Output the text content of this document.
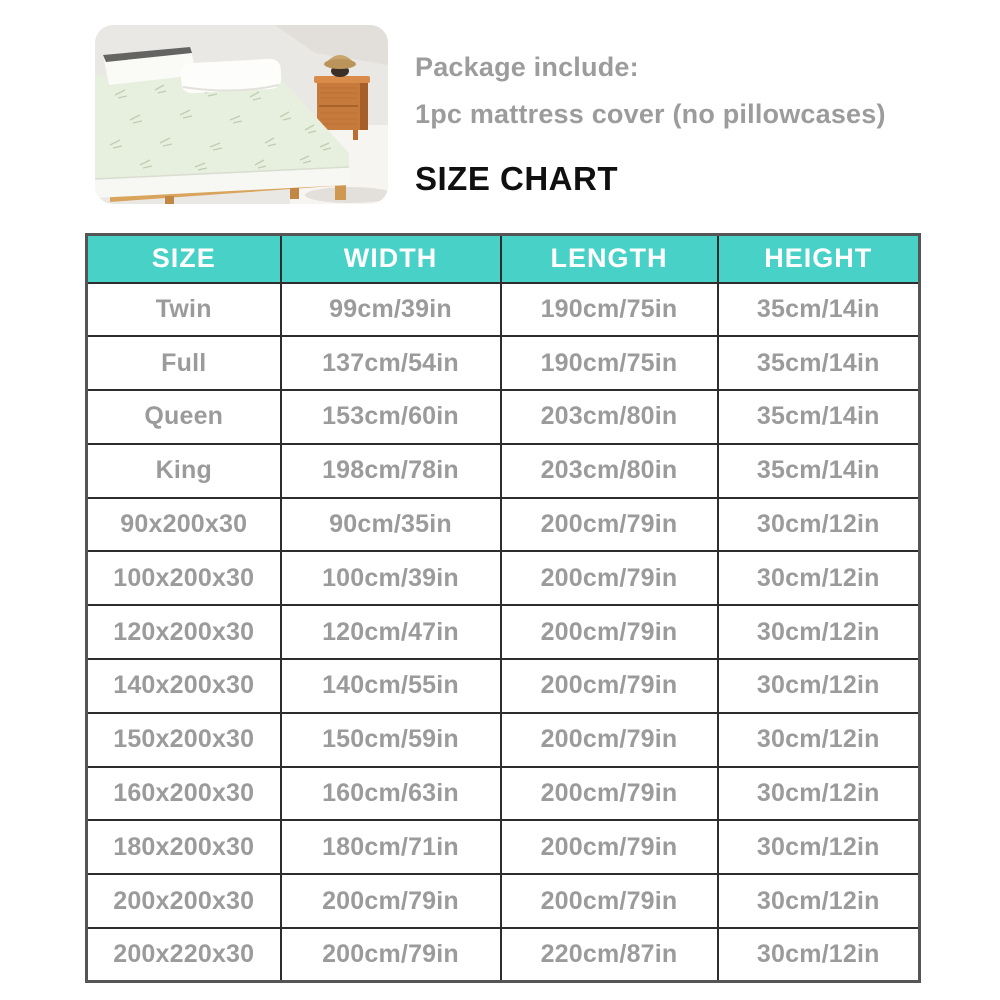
Package include:
1pc mattress cover (no pillowcases)
SIZE CHART
SIZE	WIDTH	LENGTH	HEIGHT
Twin	99cm/39in	190cm/75in	35cm/14in
Full	137cm/54in	190cm/75in	35cm/14in
Queen	153cm/60in	203cm/80in	35cm/14in
King	198cm/78in	203cm/80in	35cm/14in
90x200x30	90cm/35in	200cm/79in	30cm/12in
100x200x30	100cm/39in	200cm/79in	30cm/12in
120x200x30	120cm/47in	200cm/79in	30cm/12in
140x200x30	140cm/55in	200cm/79in	30cm/12in
150x200x30	150cm/59in	200cm/79in	30cm/12in
160x200x30	160cm/63in	200cm/79in	30cm/12in
180x200x30	180cm/71in	200cm/79in	30cm/12in
200x200x30	200cm/79in	200cm/79in	30cm/12in
200x220x30	200cm/79in	220cm/87in	30cm/12in
